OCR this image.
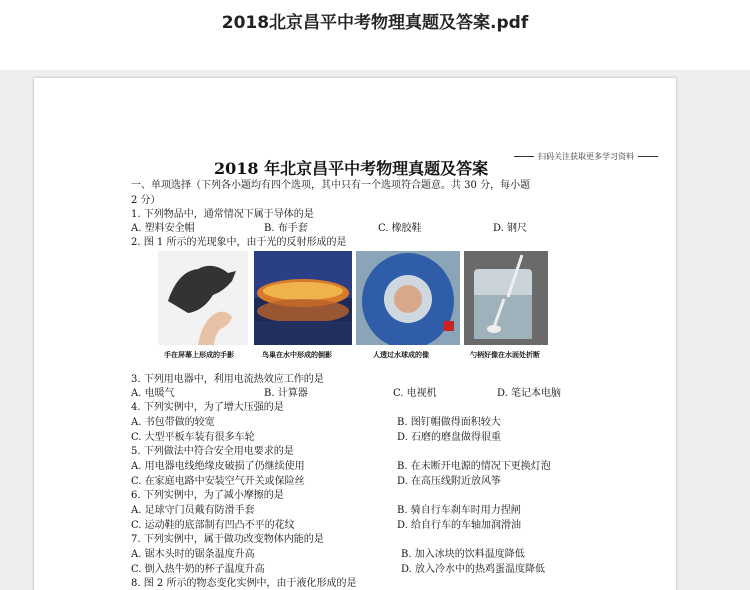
2018北京昌平中考物理真题及答案.pdf
扫码关注获取更多学习资料
2018 年北京昌平中考物理真题及答案
一、单项选择（下列各小题均有四个选项，其中只有一个选项符合题意。共 30 分，每小题
2 分）
1. 下列物品中，通常情况下属于导体的是
A. 塑料安全帽	B. 布手套	C. 橡胶鞋	D. 钢尺
2. 图 1 所示的光现象中，由于光的反射形成的是
手在屏幕上形成的手影	鸟巢在水中形成的倒影	人透过水球成的像	勺柄好像在水面处折断
3. 下列用电器中，利用电流热效应工作的是
A. 电暖气	B. 计算器	C. 电视机	D. 笔记本电脑
4. 下列实例中，为了增大压强的是
A. 书包带做的较宽	B. 图钉帽做得面积较大
C. 大型平板车装有很多车轮	D. 石磨的磨盘做得很重
5. 下列做法中符合安全用电要求的是
A. 用电器电线绝缘皮破损了仍继续使用	B. 在未断开电源的情况下更换灯泡
C. 在家庭电路中安装空气开关或保险丝	D. 在高压线附近放风筝
6. 下列实例中，为了减小摩擦的是
A. 足球守门员戴有防滑手套	B. 骑自行车刹车时用力捏闸
C. 运动鞋的底部制有凹凸不平的花纹	D. 给自行车的车轴加润滑油
7. 下列实例中，属于做功改变物体内能的是
A. 锯木头时的锯条温度升高	B. 加入冰块的饮料温度降低
C. 倒入热牛奶的杯子温度升高	D. 放入冷水中的热鸡蛋温度降低
8. 图 2 所示的物态变化实例中，由于液化形成的是
